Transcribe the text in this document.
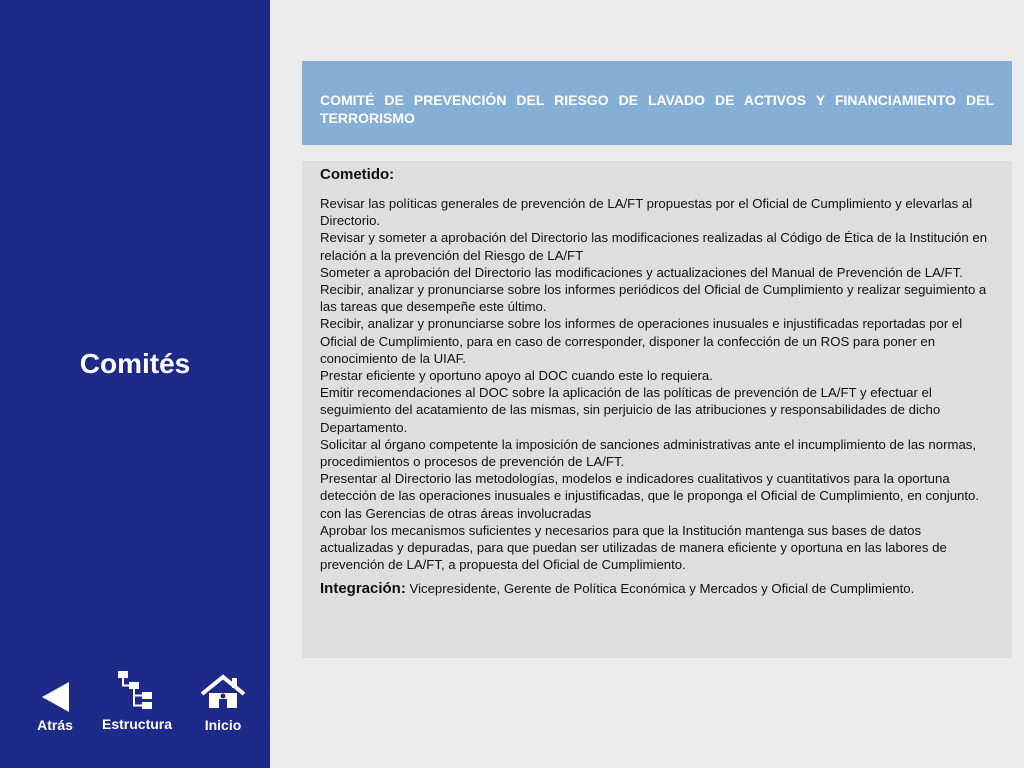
Comités
Atrás	Estructura	Inicio
COMITÉ DE PREVENCIÓN DEL RIESGO DE LAVADO DE ACTIVOS Y FINANCIAMIENTO DEL TERRORISMO
Cometido:
Revisar las políticas generales de prevención de LA/FT propuestas por el Oficial de Cumplimiento y elevarlas al Directorio.
Revisar y someter a aprobación del Directorio las modificaciones realizadas al Código de Ética de la Institución en relación a la prevención del Riesgo de LA/FT
Someter a aprobación del Directorio las modificaciones y actualizaciones del Manual de Prevención de LA/FT.
Recibir, analizar y pronunciarse sobre los informes periódicos del Oficial de Cumplimiento y realizar seguimiento a las tareas que desempeñe este último.
Recibir, analizar y pronunciarse sobre los informes de operaciones inusuales e injustificadas reportadas por el Oficial de Cumplimiento, para en caso de corresponder, disponer la confección de un ROS para poner en conocimiento de la UIAF.
Prestar eficiente y oportuno apoyo al DOC cuando este lo requiera.
Emitir recomendaciones al DOC sobre la aplicación de las políticas de prevención de LA/FT y efectuar el seguimiento del acatamiento de las mismas, sin perjuicio de las atribuciones y responsabilidades de dicho Departamento.
Solicitar al órgano competente la imposición de sanciones administrativas ante el incumplimiento de las normas, procedimientos o procesos de prevención de LA/FT.
Presentar al Directorio las metodologías, modelos e indicadores cualitativos y cuantitativos para la oportuna detección de las operaciones inusuales e injustificadas, que le proponga el Oficial de Cumplimiento, en conjunto.
con las Gerencias de otras áreas involucradas
Aprobar los mecanismos suficientes y necesarios para que la Institución mantenga sus bases de datos actualizadas y depuradas, para que puedan ser utilizadas de manera eficiente y oportuna en las labores de prevención de LA/FT, a propuesta del Oficial de Cumplimiento.
Integración: Vicepresidente, Gerente de Política Económica y Mercados y Oficial de Cumplimiento.
